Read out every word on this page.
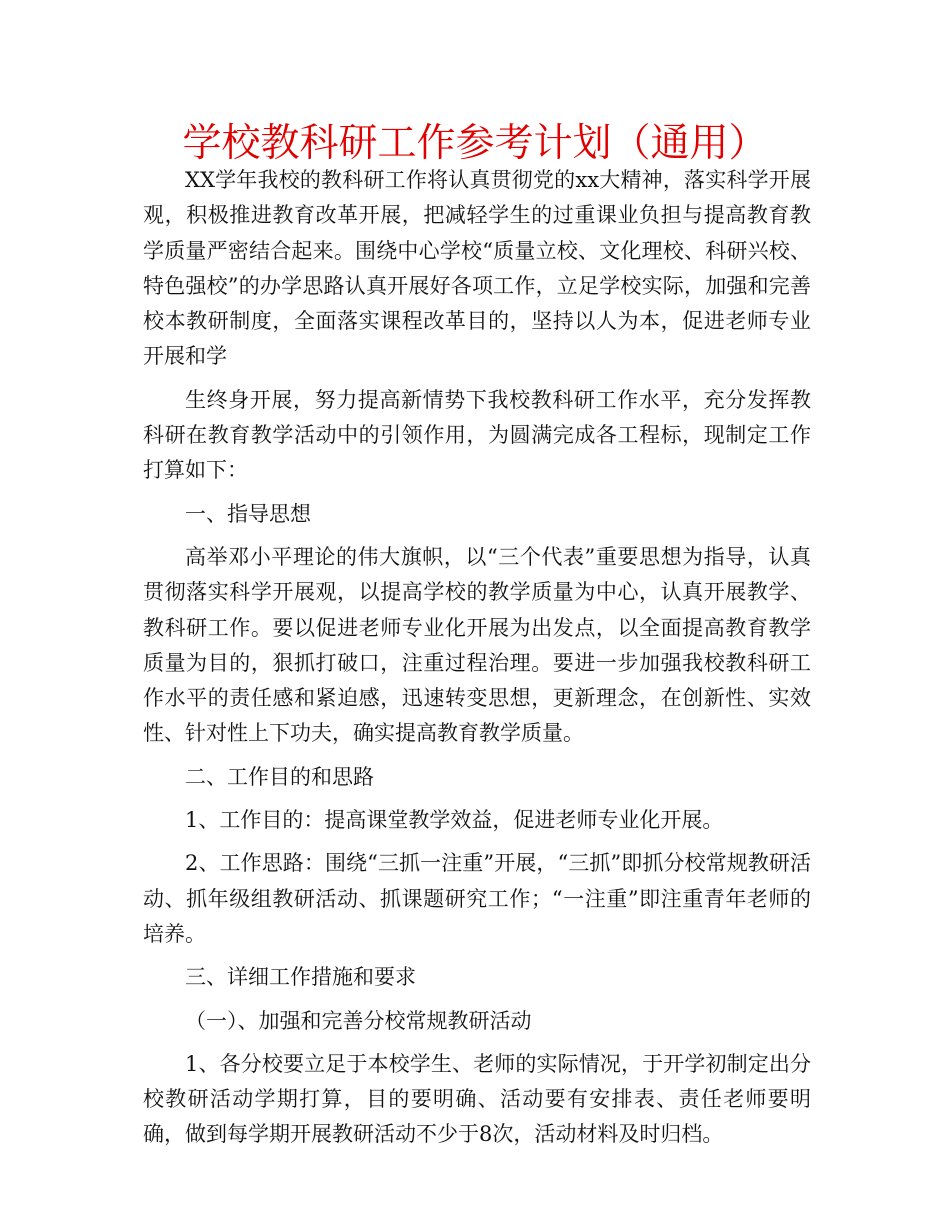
学校教科研工作参考计划（通用）

XX学年我校的教科研工作将认真贯彻党的xx大精神，落实科学开展观，积极推进教育改革开展，把减轻学生的过重课业负担与提高教育教学质量严密结合起来。围绕中心学校“质量立校、文化理校、科研兴校、特色强校”的办学思路认真开展好各项工作，立足学校实际，加强和完善校本教研制度，全面落实课程改革目的，坚持以人为本，促进老师专业开展和学

生终身开展，努力提高新情势下我校教科研工作水平，充分发挥教科研在教育教学活动中的引领作用，为圆满完成各工程标，现制定工作打算如下：

一、指导思想

高举邓小平理论的伟大旗帜，以“三个代表”重要思想为指导，认真贯彻落实科学开展观，以提高学校的教学质量为中心，认真开展教学、教科研工作。要以促进老师专业化开展为出发点，以全面提高教育教学质量为目的，狠抓打破口，注重过程治理。要进一步加强我校教科研工作水平的责任感和紧迫感，迅速转变思想，更新理念，在创新性、实效性、针对性上下功夫，确实提高教育教学质量。

二、工作目的和思路

1、工作目的：提高课堂教学效益，促进老师专业化开展。

2、工作思路：围绕“三抓一注重”开展，“三抓”即抓分校常规教研活动、抓年级组教研活动、抓课题研究工作；“一注重”即注重青年老师的培养。

三、详细工作措施和要求

（一）、加强和完善分校常规教研活动

1、各分校要立足于本校学生、老师的实际情况，于开学初制定出分校教研活动学期打算，目的要明确、活动要有安排表、责任老师要明确，做到每学期开展教研活动不少于8次，活动材料及时归档。
